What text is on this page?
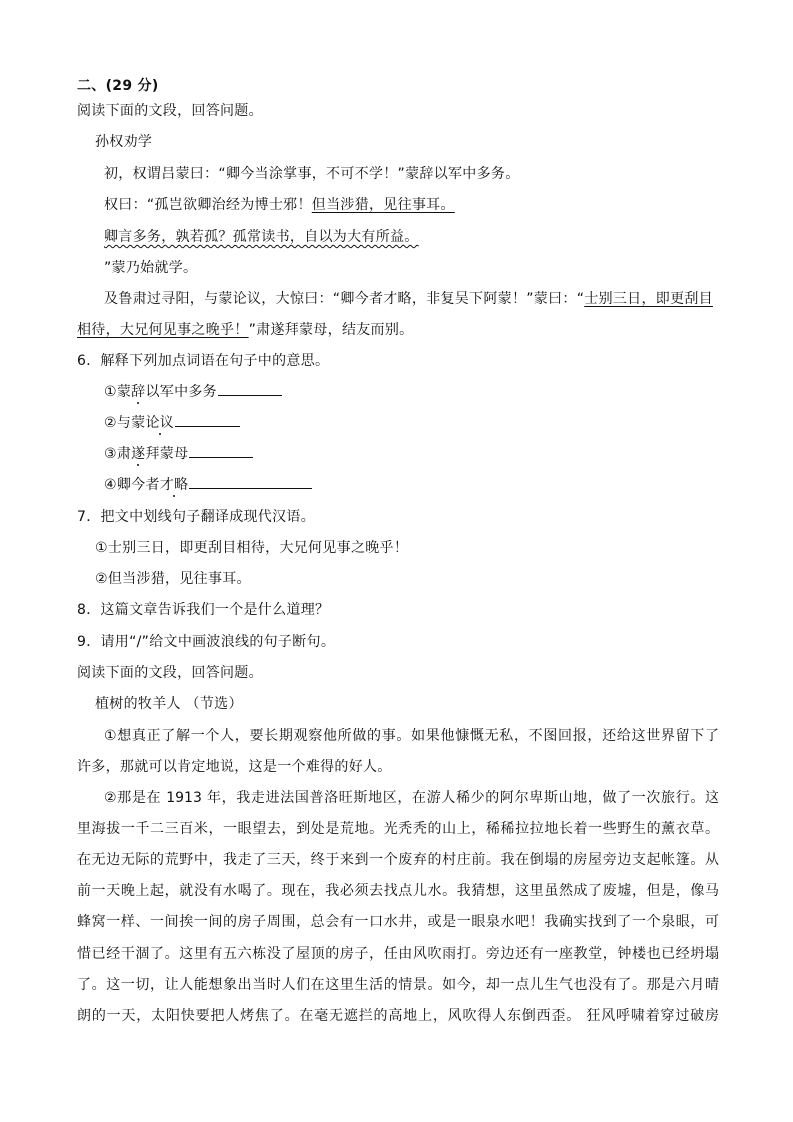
二、(29 分)
阅读下面的文段，回答问题。
孙权劝学
初，权谓吕蒙曰：“卿今当涂掌事，不可不学！”蒙辞以军中多务。
权曰：“孤岂欲卿治经为博士邪！但当涉猎，见往事耳。
卿言多务，孰若孤？孤常读书，自以为大有所益。
”蒙乃始就学。
及鲁肃过寻阳，与蒙论议，大惊曰：“卿今者才略，非复吴下阿蒙！”蒙曰：“士别三日，即更刮目
相待，大兄何见事之晚乎！”肃遂拜蒙母，结友而别。
6．解释下列加点词语在句子中的意思。
①蒙辞以军中多务
②与蒙论议
③肃遂拜蒙母
④卿今者才略
7．把文中划线句子翻译成现代汉语。
①士别三日，即更刮目相待，大兄何见事之晚乎！
②但当涉猎，见往事耳。
8．这篇文章告诉我们一个是什么道理？
9．请用“/”给文中画波浪线的句子断句。
阅读下面的文段，回答问题。
植树的牧羊人 （节选）
①想真正了解一个人，要长期观察他所做的事。如果他慷慨无私，不图回报，还给这世界留下了
许多，那就可以肯定地说，这是一个难得的好人。
②那是在 1913 年，我走进法国普洛旺斯地区，在游人稀少的阿尔卑斯山地，做了一次旅行。这
里海拔一千二三百米，一眼望去，到处是荒地。光秃秃的山上，稀稀拉拉地长着一些野生的薰衣草。
在无边无际的荒野中，我走了三天，终于来到一个废弃的村庄前。我在倒塌的房屋旁边支起帐篷。从
前一天晚上起，就没有水喝了。现在，我必须去找点儿水。我猜想，这里虽然成了废墟，但是，像马
蜂窝一样、一间挨一间的房子周围，总会有一口水井，或是一眼泉水吧！我确实找到了一个泉眼，可
惜已经干涸了。这里有五六栋没了屋顶的房子，任由风吹雨打。旁边还有一座教堂，钟楼也已经坍塌
了。这一切，让人能想象出当时人们在这里生活的情景。如今，却一点儿生气也没有了。那是六月晴
朗的一天，太阳快要把人烤焦了。在毫无遮拦的高地上，风吹得人东倒西歪。 狂风呼啸着穿过破房
